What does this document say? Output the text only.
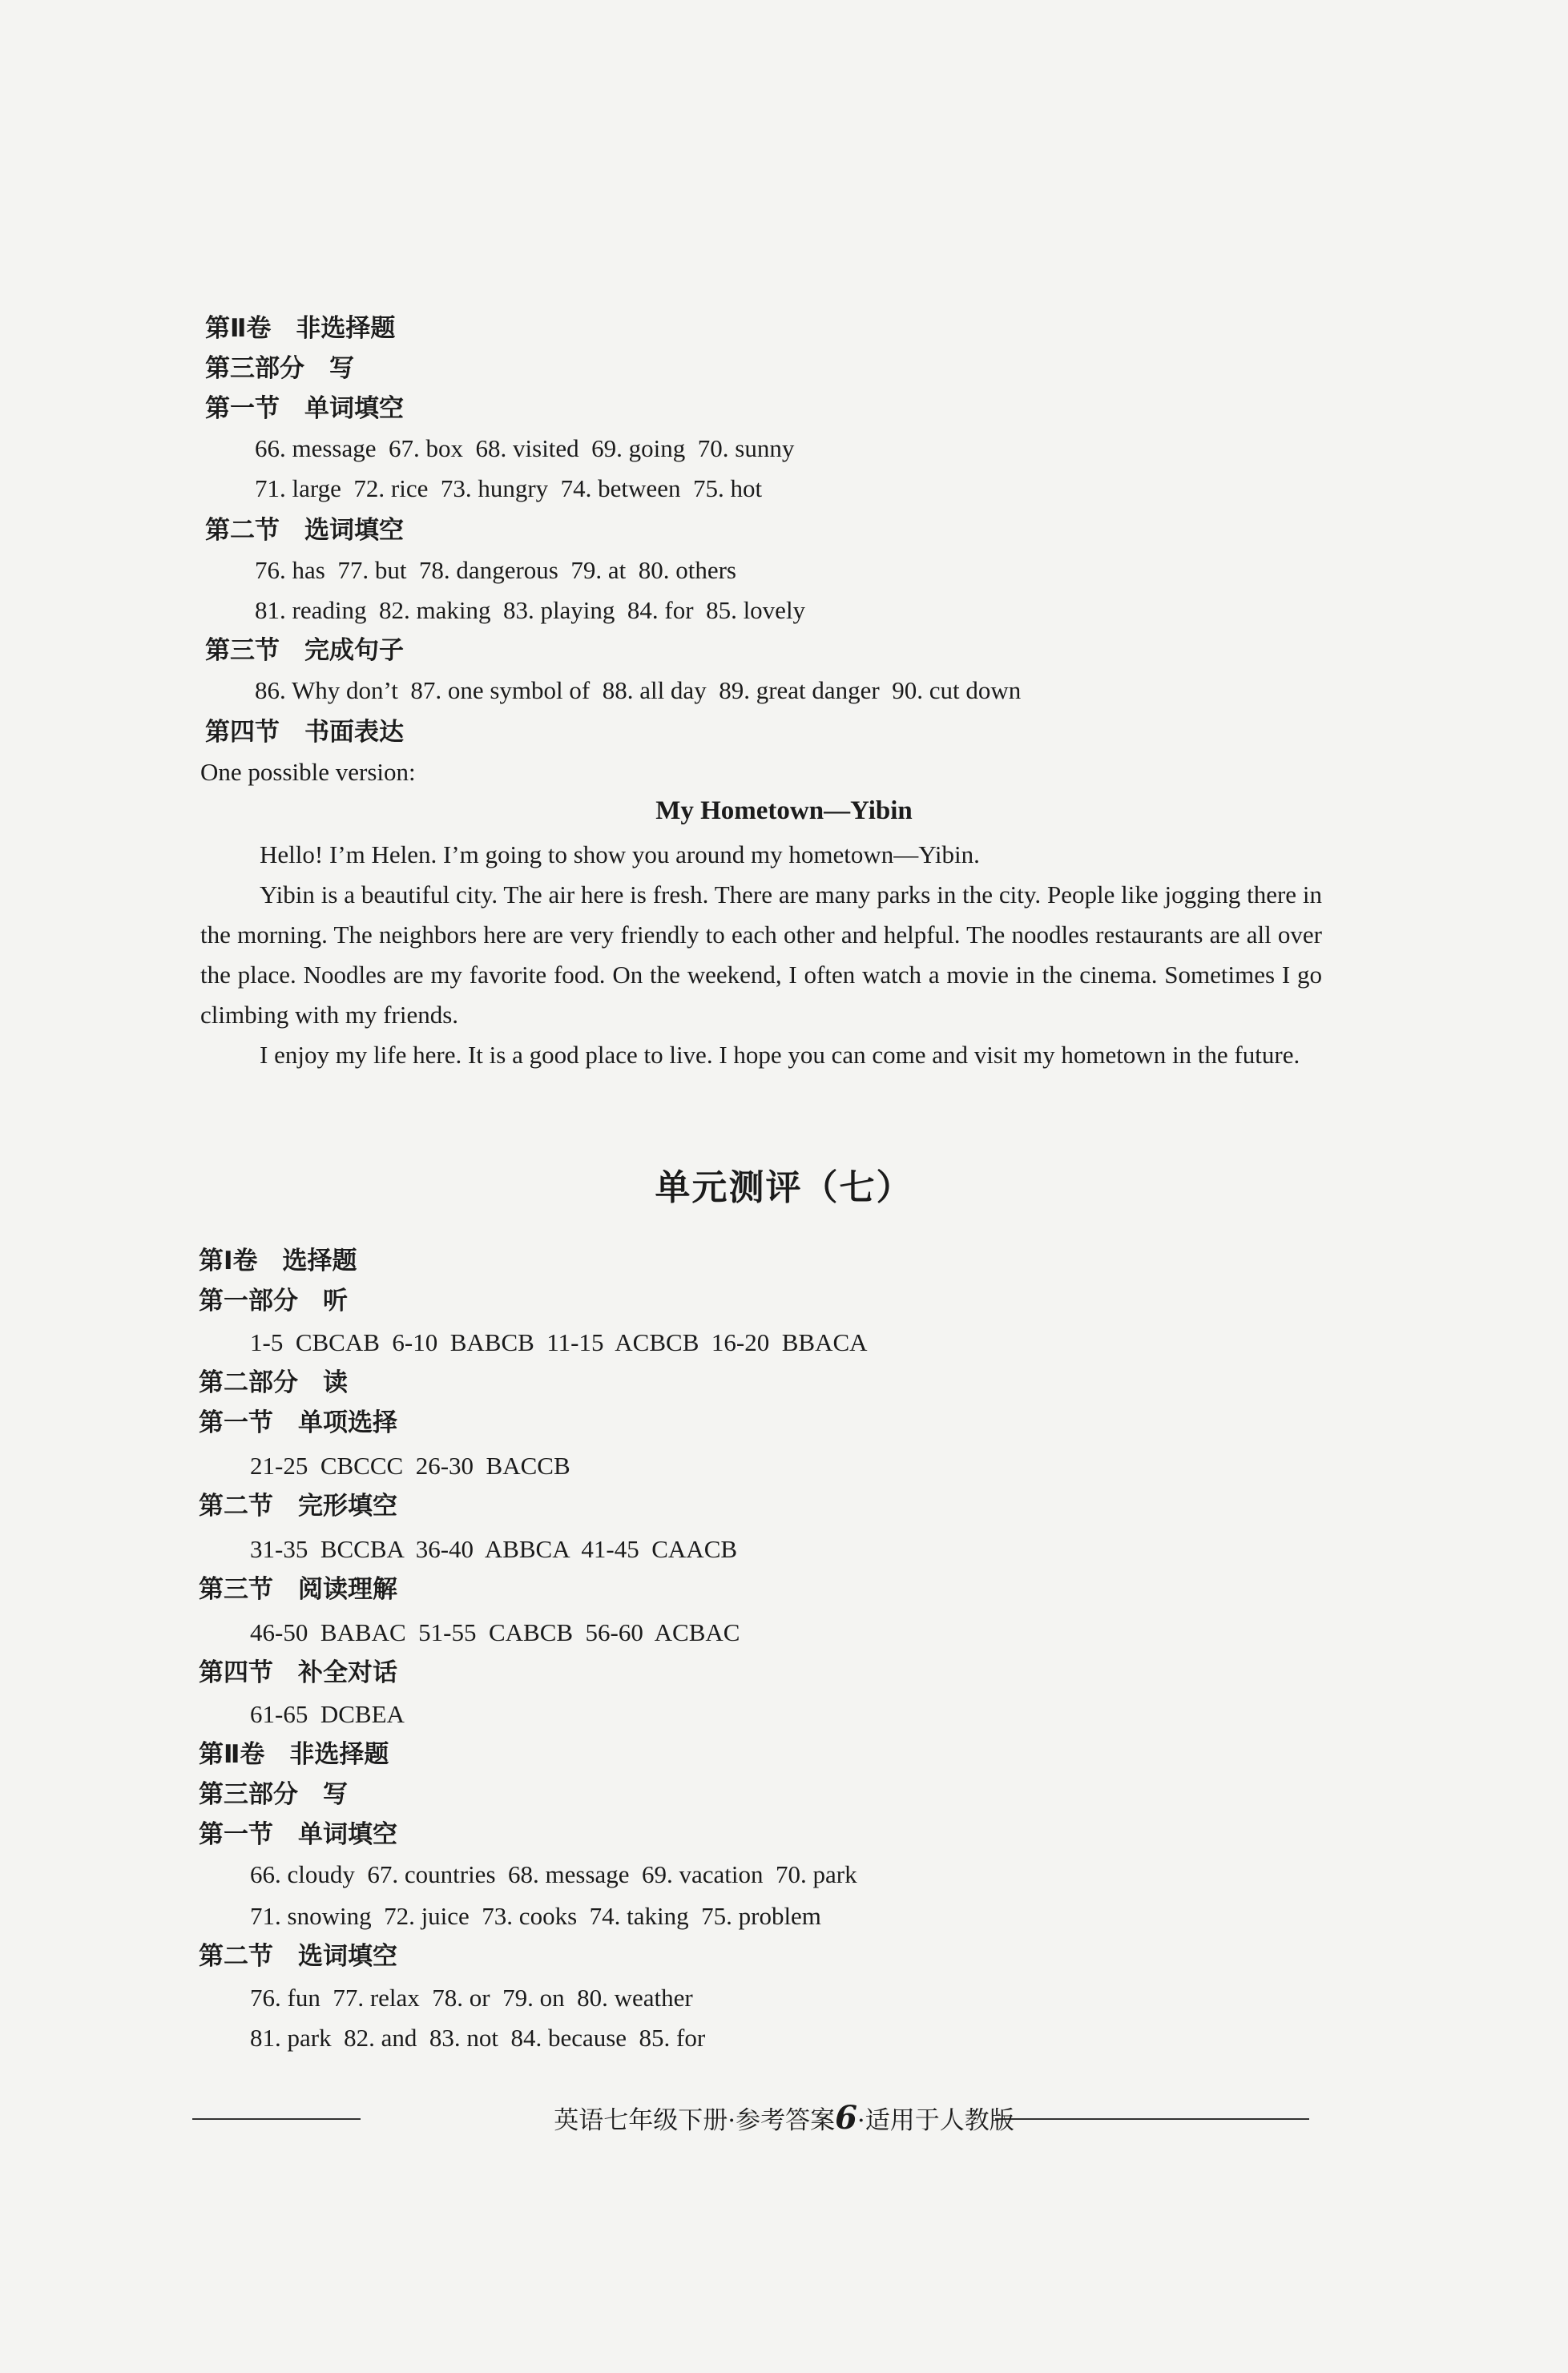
第Ⅱ卷　非选择题
第三部分　写
第一节　单词填空
66. message  67. box  68. visited  69. going  70. sunny
71. large  72. rice  73. hungry  74. between  75. hot
第二节　选词填空
76. has  77. but  78. dangerous  79. at  80. others
81. reading  82. making  83. playing  84. for  85. lovely
第三节　完成句子
86. Why don’t  87. one symbol of  88. all day  89. great danger  90. cut down
第四节　书面表达
One possible version:
My Hometown—Yibin
Hello! I’m Helen. I’m going to show you around my hometown—Yibin.
Yibin is a beautiful city. The air here is fresh. There are many parks in the city. People like jogging there in the morning. The neighbors here are very friendly to each other and helpful. The noodles restaurants are all over the place. Noodles are my favorite food. On the weekend, I often watch a movie in the cinema. Sometimes I go climbing with my friends.
I enjoy my life here. It is a good place to live. I hope you can come and visit my hometown in the future.
单元测评（七）
第Ⅰ卷　选择题
第一部分　听
1-5  CBCAB  6-10  BABCB  11-15  ACBCB  16-20  BBACA
第二部分　读
第一节　单项选择
21-25  CBCCC  26-30  BACCB
第二节　完形填空
31-35  BCCBA  36-40  ABBCA  41-45  CAACB
第三节　阅读理解
46-50  BABAC  51-55  CABCB  56-60  ACBAC
第四节　补全对话
61-65  DCBEA
第Ⅱ卷　非选择题
第三部分　写
第一节　单词填空
66. cloudy  67. countries  68. message  69. vacation  70. park
71. snowing  72. juice  73. cooks  74. taking  75. problem
第二节　选词填空
76. fun  77. relax  78. or  79. on  80. weather
81. park  82. and  83. not  84. because  85. for
英语七年级下册·参考答案6·适用于人教版
